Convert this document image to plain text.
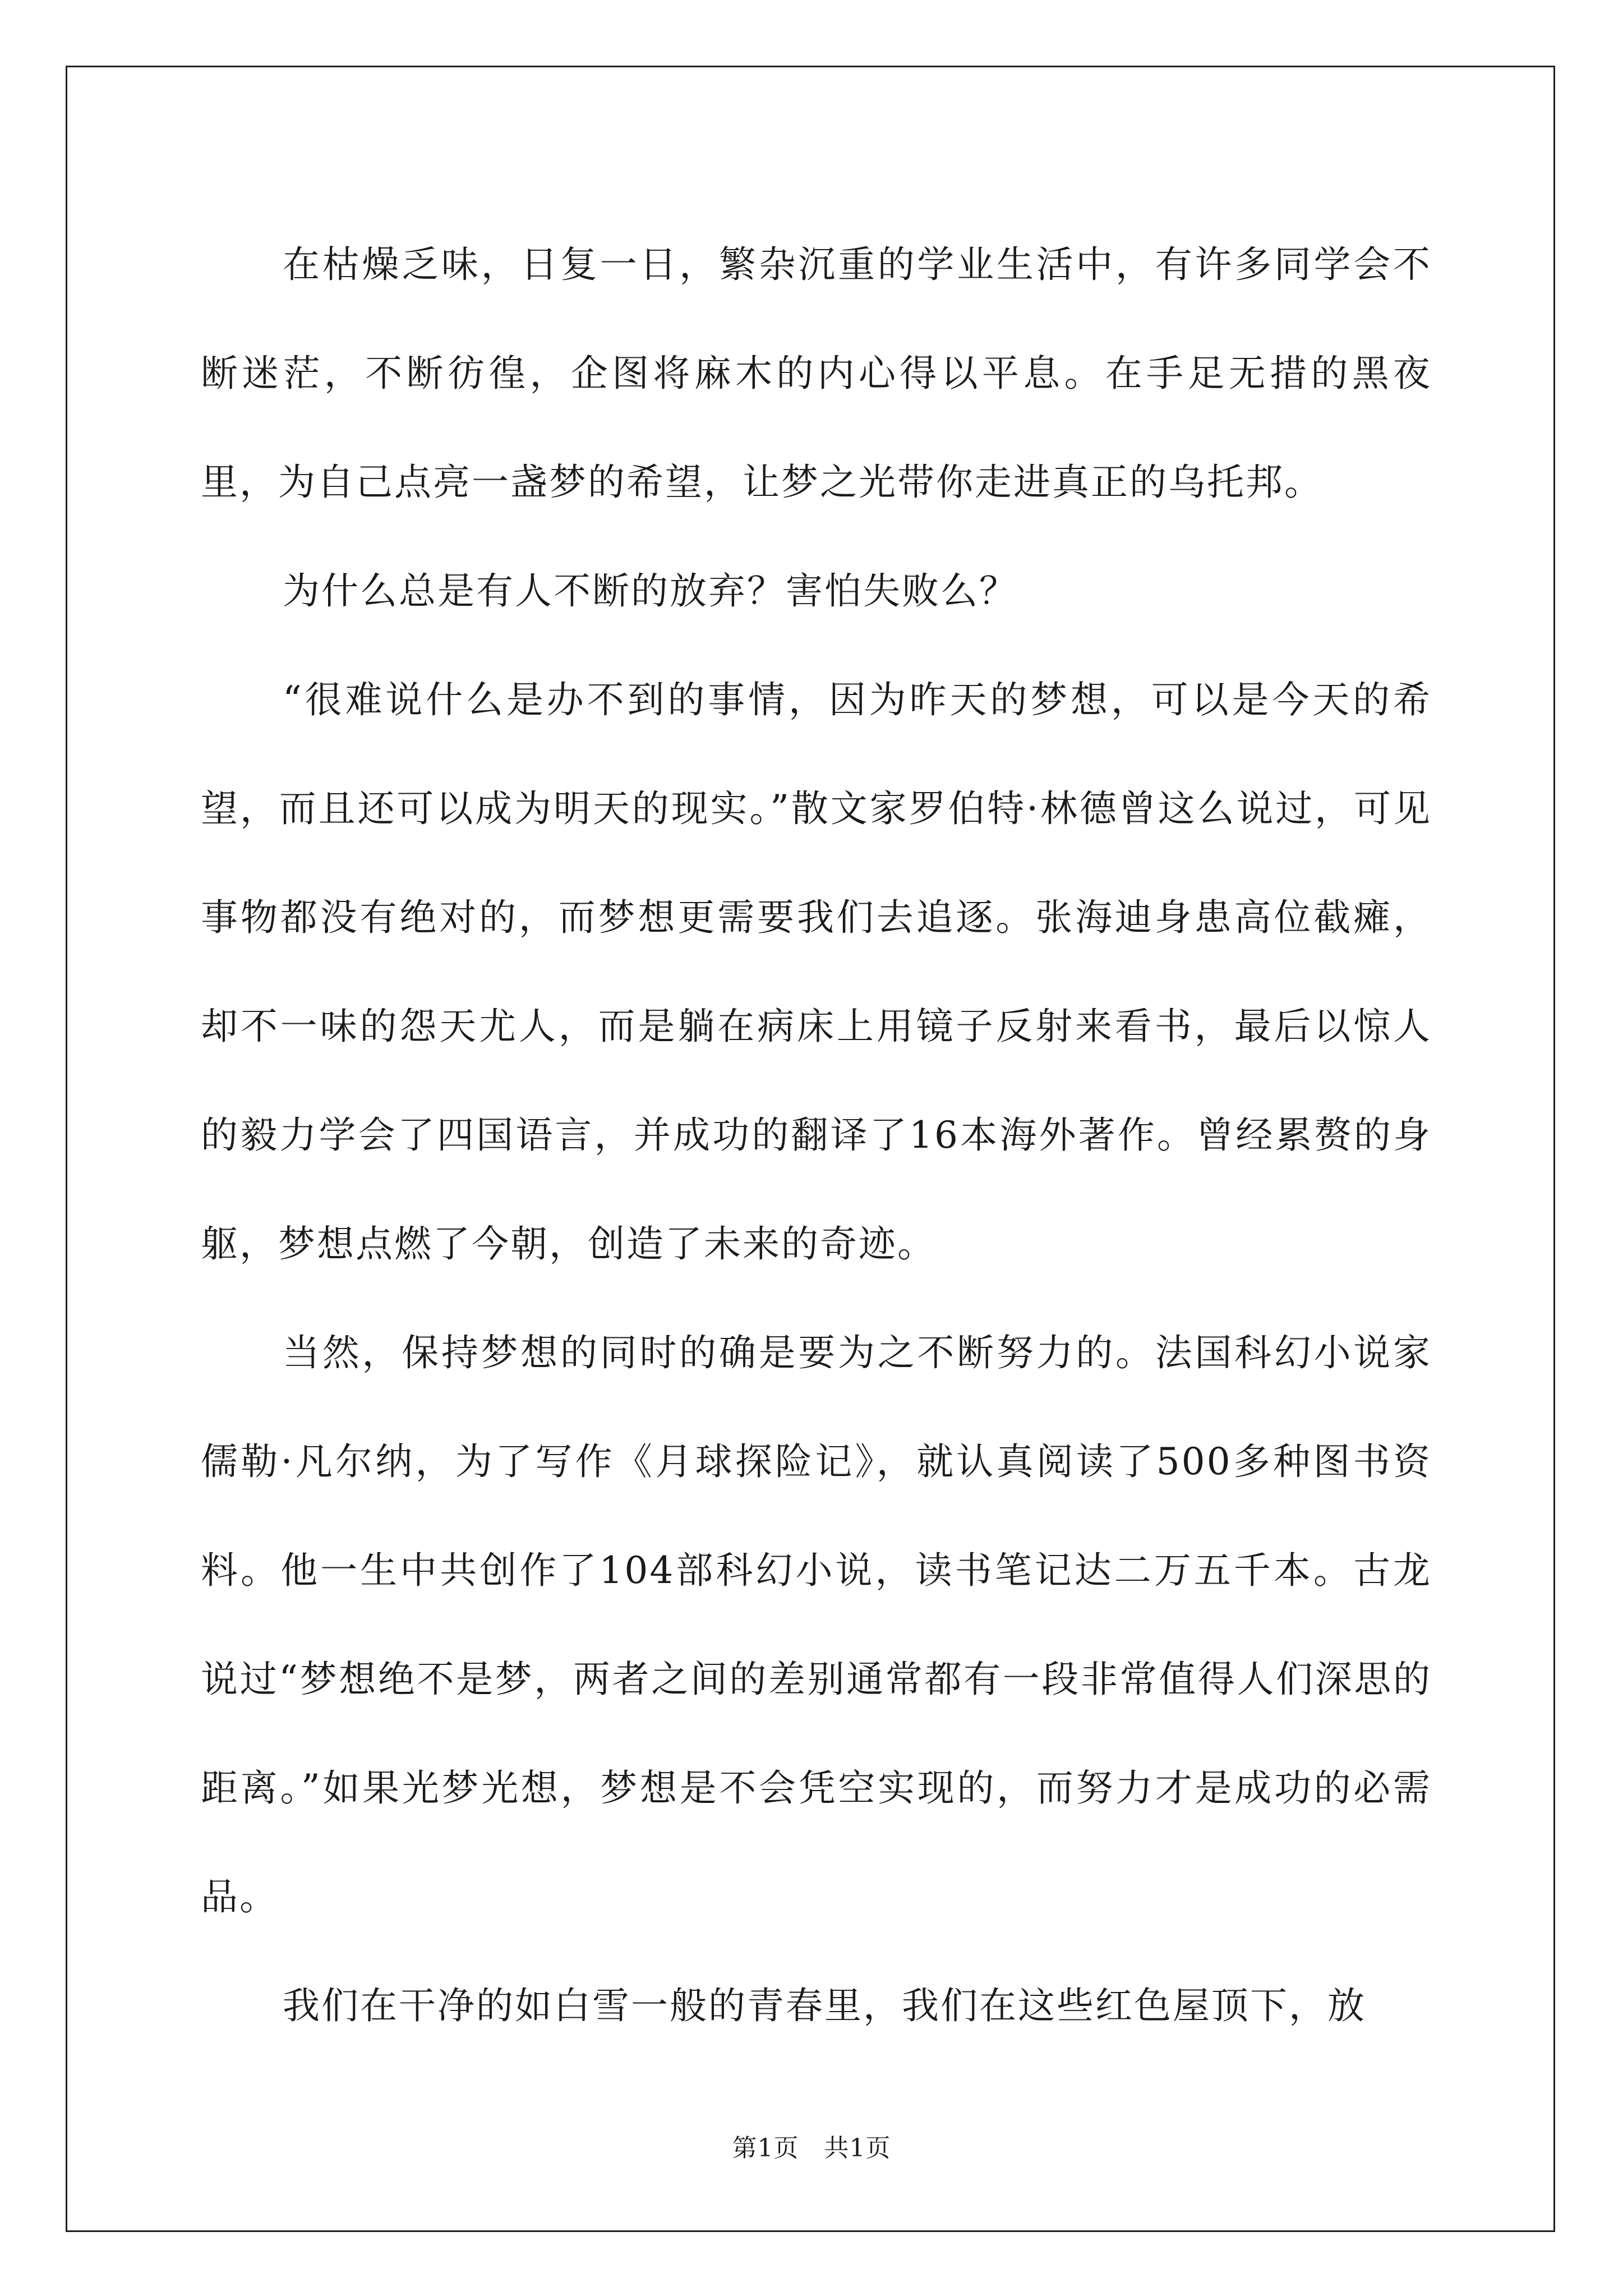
在枯燥乏味，日复一日，繁杂沉重的学业生活中，有许多同学会不断迷茫，不断彷徨，企图将麻木的内心得以平息。在手足无措的黑夜里，为自己点亮一盏梦的希望，让梦之光带你走进真正的乌托邦。

为什么总是有人不断的放弃？害怕失败么？

“很难说什么是办不到的事情，因为昨天的梦想，可以是今天的希望，而且还可以成为明天的现实。”散文家罗伯特·林德曾这么说过，可见事物都没有绝对的，而梦想更需要我们去追逐。张海迪身患高位截瘫，却不一味的怨天尤人，而是躺在病床上用镜子反射来看书，最后以惊人的毅力学会了四国语言，并成功的翻译了16本海外著作。曾经累赘的身躯，梦想点燃了今朝，创造了未来的奇迹。

当然，保持梦想的同时的确是要为之不断努力的。法国科幻小说家儒勒·凡尔纳，为了写作《月球探险记》，就认真阅读了500多种图书资料。他一生中共创作了104部科幻小说，读书笔记达二万五千本。古龙说过“梦想绝不是梦，两者之间的差别通常都有一段非常值得人们深思的距离。”如果光梦光想，梦想是不会凭空实现的，而努力才是成功的必需品。

我们在干净的如白雪一般的青春里，我们在这些红色屋顶下，放

第1页　共1页
